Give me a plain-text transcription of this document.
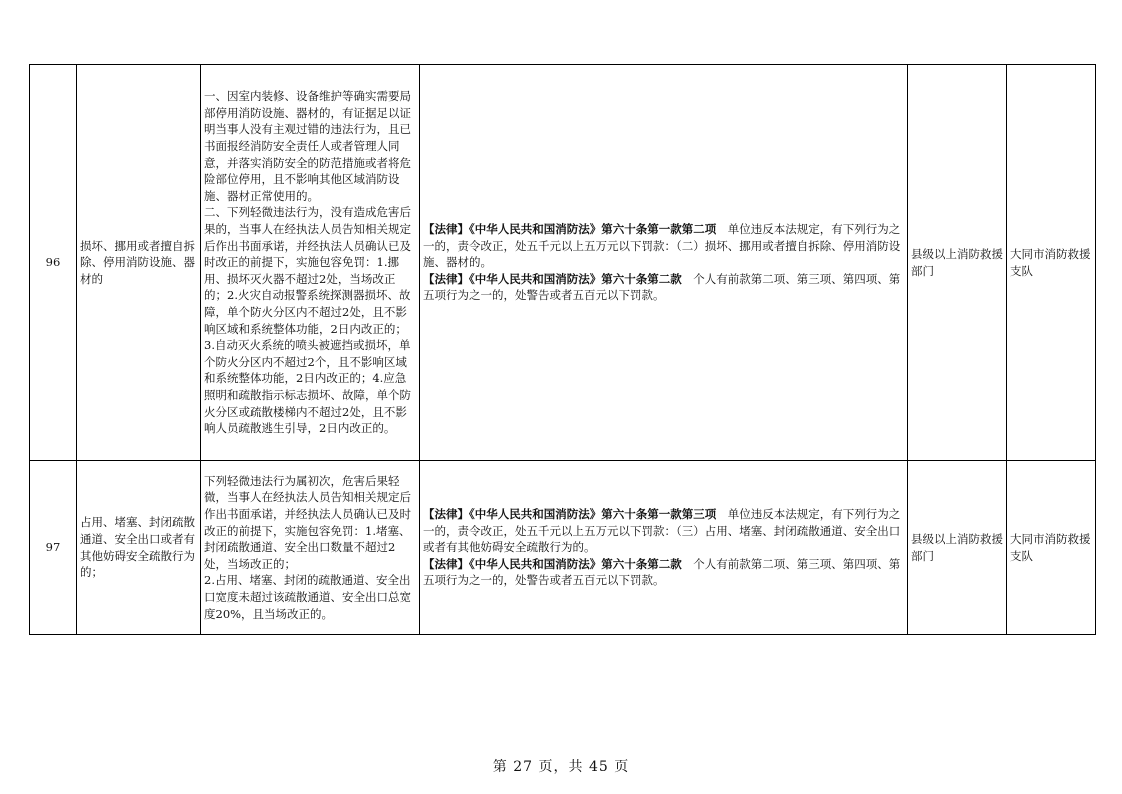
96	损坏、挪用或者擅自拆除、停用消防设施、器材的	一、因室内装修、设备维护等确实需要局部停用消防设施、器材的，有证据足以证明当事人没有主观过错的违法行为，且已书面报经消防安全责任人或者管理人同意，并落实消防安全的防范措施或者将危险部位停用，且不影响其他区域消防设施、器材正常使用的。
二、下列轻微违法行为，没有造成危害后果的，当事人在经执法人员告知相关规定后作出书面承诺，并经执法人员确认已及时改正的前提下，实施包容免罚：1.挪用、损坏灭火器不超过2处，当场改正的；2.火灾自动报警系统探测器损坏、故障，单个防火分区内不超过2处，且不影响区域和系统整体功能，2日内改正的；3.自动灭火系统的喷头被遮挡或损坏，单个防火分区内不超过2个，且不影响区域和系统整体功能，2日内改正的；4.应急照明和疏散指示标志损坏、故障，单个防火分区或疏散楼梯内不超过2处，且不影响人员疏散逃生引导，2日内改正的。	【法律】《中华人民共和国消防法》第六十条第一款第二项　单位违反本法规定，有下列行为之一的，责令改正，处五千元以上五万元以下罚款：（二）损坏、挪用或者擅自拆除、停用消防设施、器材的。
【法律】《中华人民共和国消防法》第六十条第二款　个人有前款第二项、第三项、第四项、第五项行为之一的，处警告或者五百元以下罚款。	县级以上消防救援部门	大同市消防救援支队
97	占用、堵塞、封闭疏散通道、安全出口或者有其他妨碍安全疏散行为的；	下列轻微违法行为属初次，危害后果轻微，当事人在经执法人员告知相关规定后作出书面承诺，并经执法人员确认已及时改正的前提下，实施包容免罚：1.堵塞、封闭疏散通道、安全出口数量不超过2处，当场改正的；
2.占用、堵塞、封闭的疏散通道、安全出口宽度未超过该疏散通道、安全出口总宽度20%，且当场改正的。	【法律】《中华人民共和国消防法》第六十条第一款第三项　单位违反本法规定，有下列行为之一的，责令改正，处五千元以上五万元以下罚款：（三）占用、堵塞、封闭疏散通道、安全出口或者有其他妨碍安全疏散行为的。
【法律】《中华人民共和国消防法》第六十条第二款　个人有前款第二项、第三项、第四项、第五项行为之一的，处警告或者五百元以下罚款。	县级以上消防救援部门	大同市消防救援支队
第 27 页，共 45 页
